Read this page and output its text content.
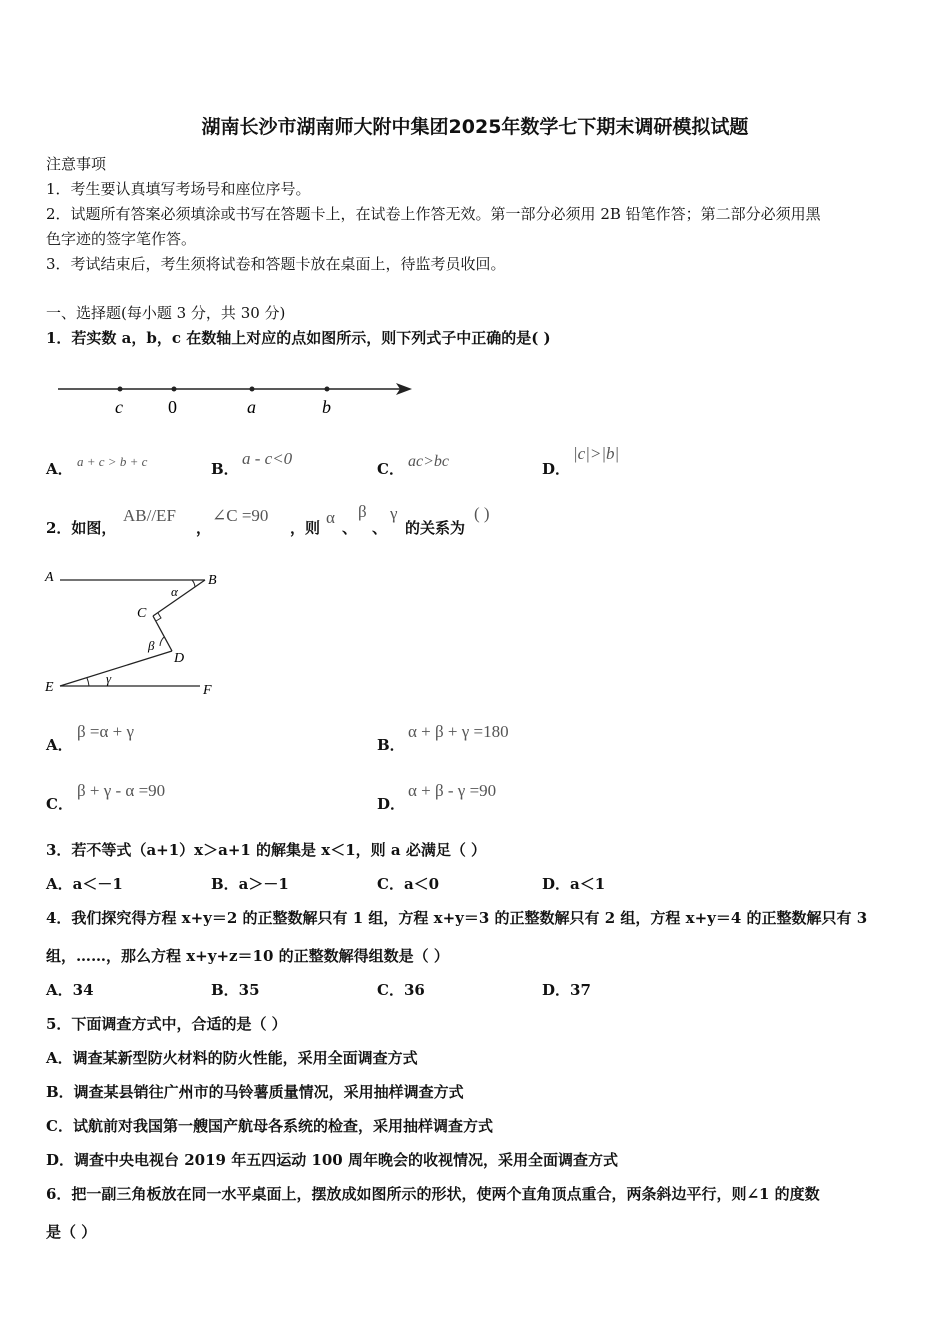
湖南长沙市湖南师大附中集团2025年数学七下期末调研模拟试题
注意事项
1．考生要认真填写考场号和座位序号。
2．试题所有答案必须填涂或书写在答题卡上，在试卷上作答无效。第一部分必须用 2B 铅笔作答；第二部分必须用黑
色字迹的签字笔作答。
3．考试结束后，考生须将试卷和答题卡放在桌面上，待监考员收回。
一、选择题(每小题 3 分，共 30 分)
1．若实数 a，b，c 在数轴上对应的点如图所示，则下列式子中正确的是( )
c	0	a	b
A． a + c > b + c	B．
a - c<0
C． ac>bc	D．
|c|>|b|
2．如图，
AB//EF
，
∠C =90
，则
α
、
β
、
γ
的关系为
( )
A	B
C
D
E	F
α
β
γ
A．
β =α + γ
B．
α + β + γ =180
C．
β + γ - α =90
D．
α + β - γ =90
3．若不等式（a+1）x＞a+1 的解集是 x＜1，则 a 必满足（ ）
A．a＜－1	B．a＞－1	C．a＜0	D．a＜1
4．我们探究得方程 x+y＝2 的正整数解只有 1 组，方程 x+y＝3 的正整数解只有 2 组，方程 x+y＝4 的正整数解只有 3
组，……，那么方程 x+y+z＝10 的正整数解得组数是（ ）
A．34	B．35	C．36	D．37
5．下面调查方式中，合适的是（ ）
A．调查某新型防火材料的防火性能，采用全面调查方式
B．调查某县销往广州市的马铃薯质量情况，采用抽样调查方式
C．试航前对我国第一艘国产航母各系统的检查，采用抽样调查方式
D．调查中央电视台 2019 年五四运动 100 周年晚会的收视情况，采用全面调查方式
6．把一副三角板放在同一水平桌面上，摆放成如图所示的形状，使两个直角顶点重合，两条斜边平行，则∠1 的度数
是（ ）
